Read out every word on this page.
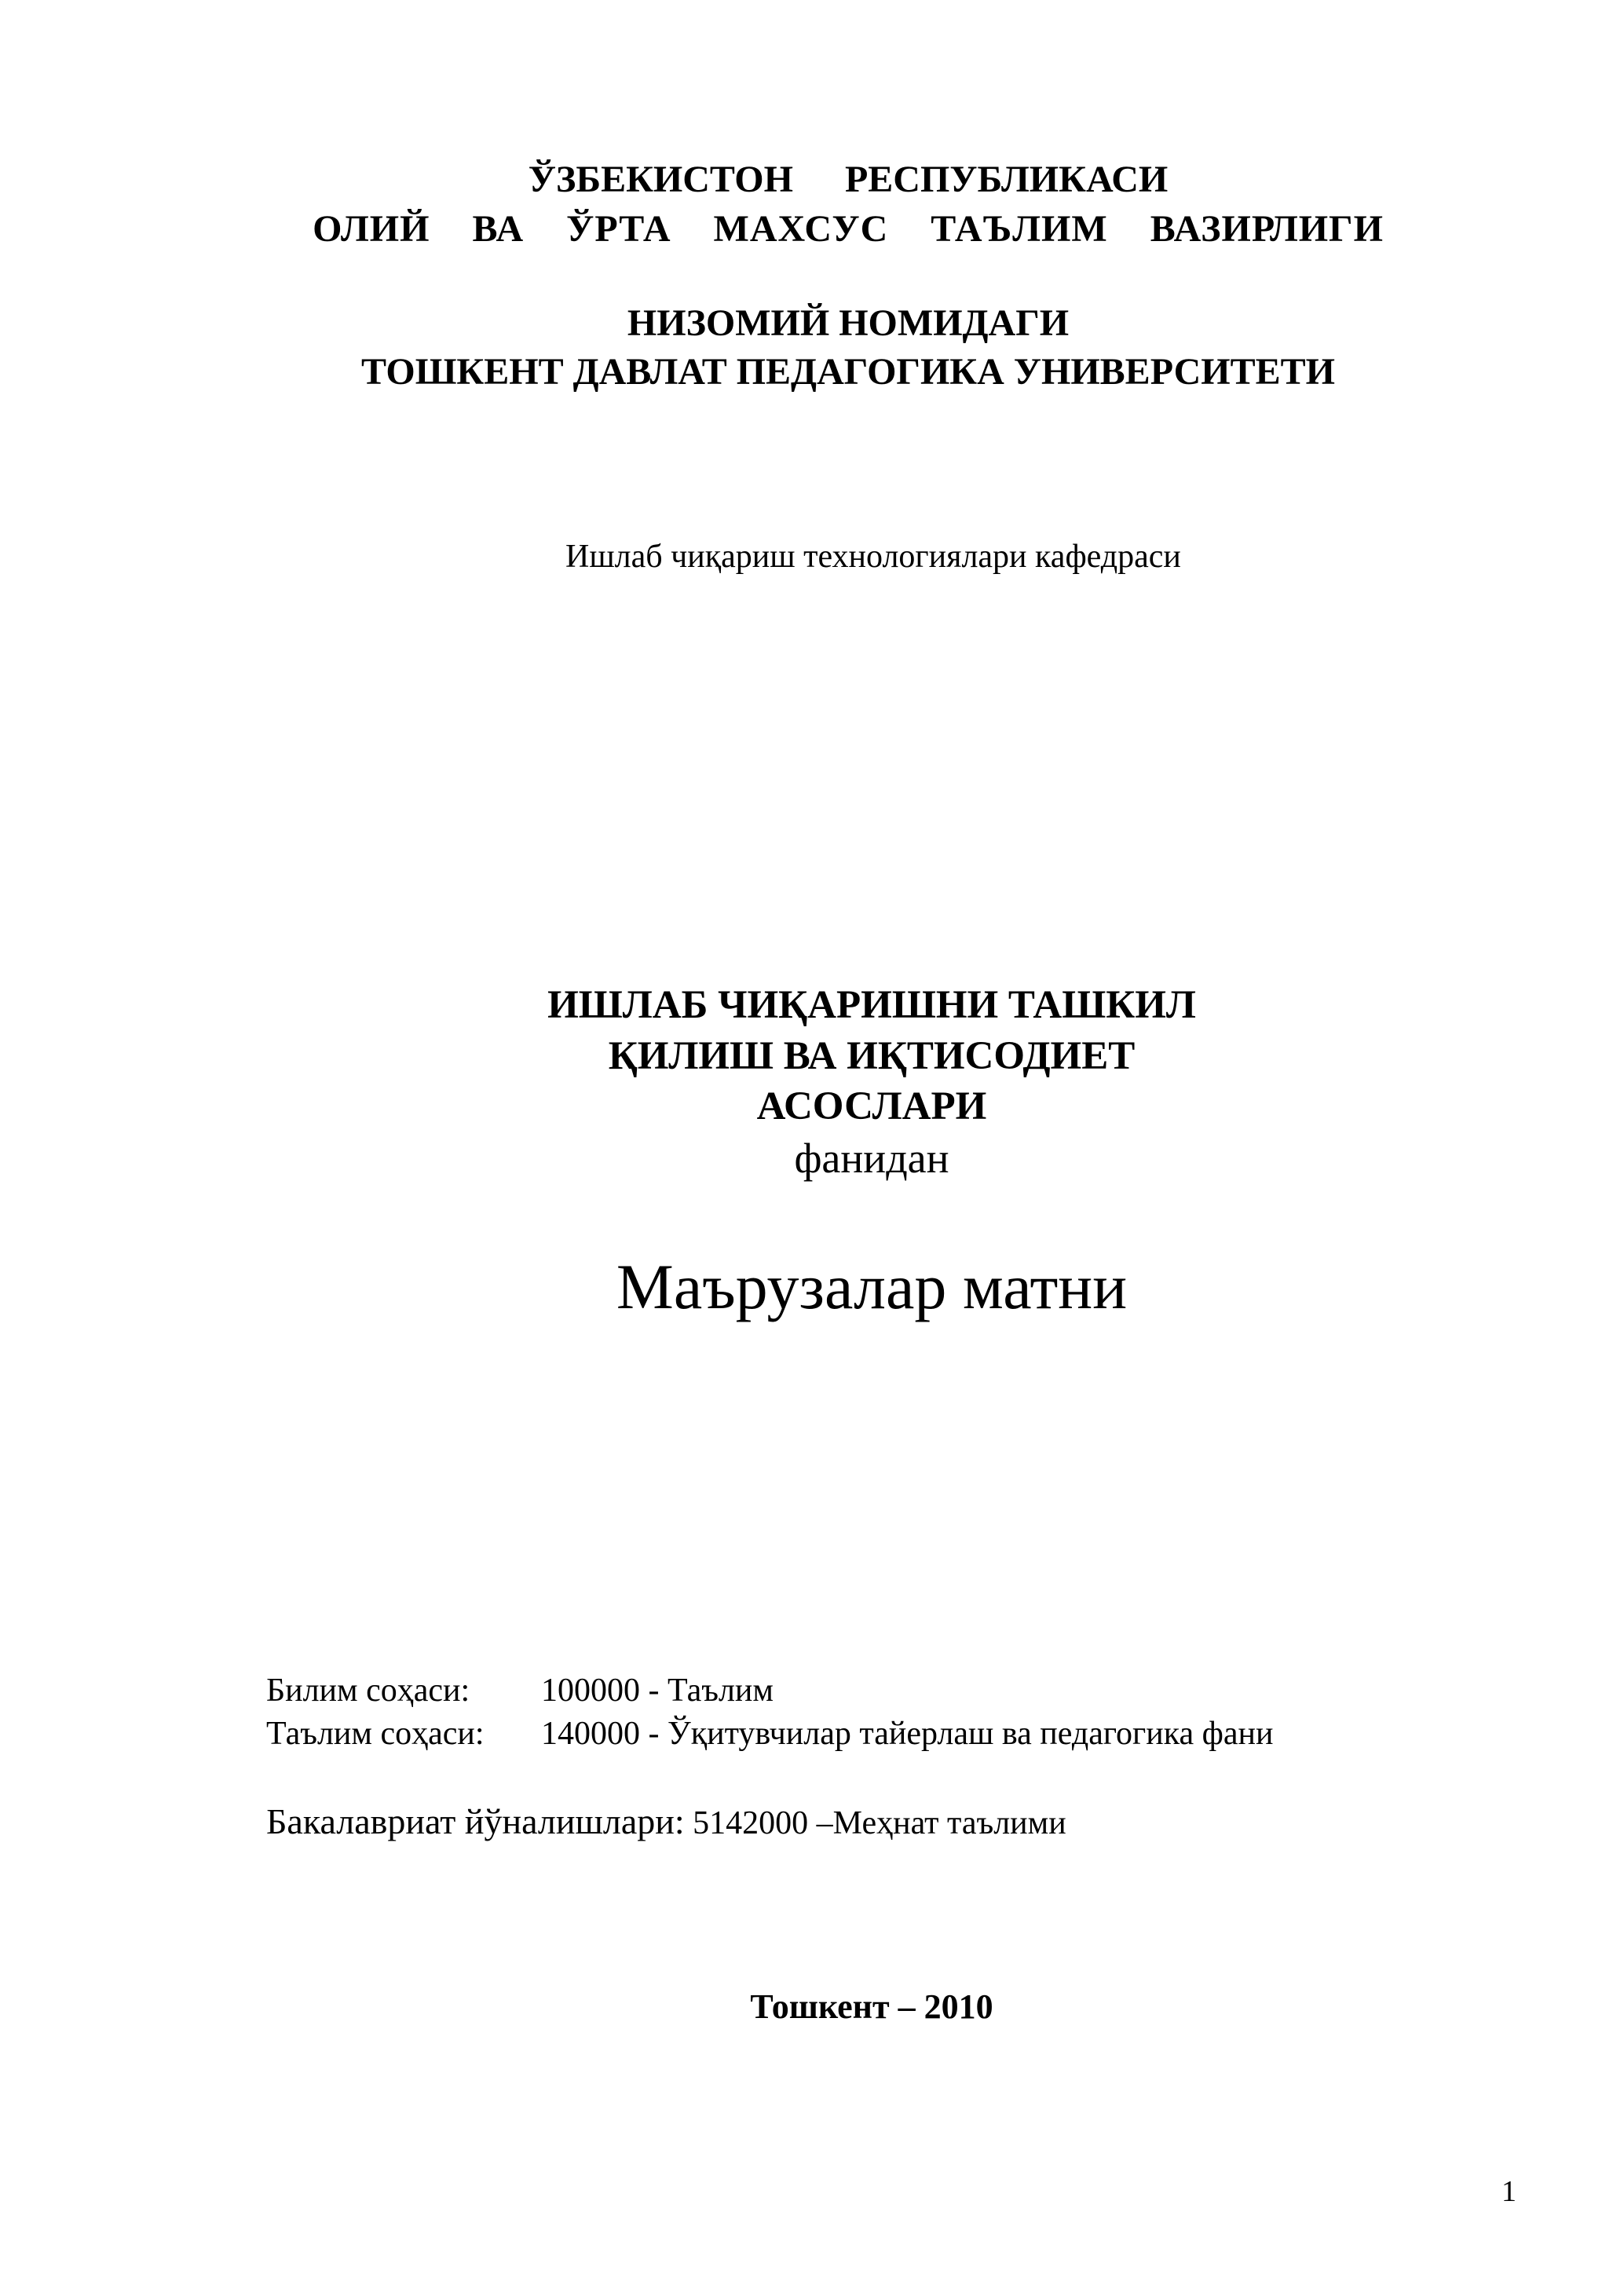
ЎЗБЕКИСТОН   РЕСПУБЛИКАСИ
ОЛИЙ  ВА  ЎРТА  МАХСУС  ТАЪЛИМ  ВАЗИРЛИГИ
НИЗОМИЙ НОМИДАГИ
ТОШКЕНТ ДАВЛАТ ПЕДАГОГИКА УНИВЕРСИТЕТИ
Ишлаб чиқариш технологиялари кафедраси
ИШЛАБ ЧИҚАРИШНИ ТАШКИЛ
ҚИЛИШ ВА ИҚТИСОДИЕТ
АСОСЛАРИ
фанидан
Маърузалар матни

Билим соҳаси: 100000 - Таълим

Таълим соҳаси: 140000 - Ўқитувчилар тайерлаш ва педагогика фани

Бакалавриат йўналишлари: 5142000 –Меҳнат таълими

Тошкент – 2010
1
